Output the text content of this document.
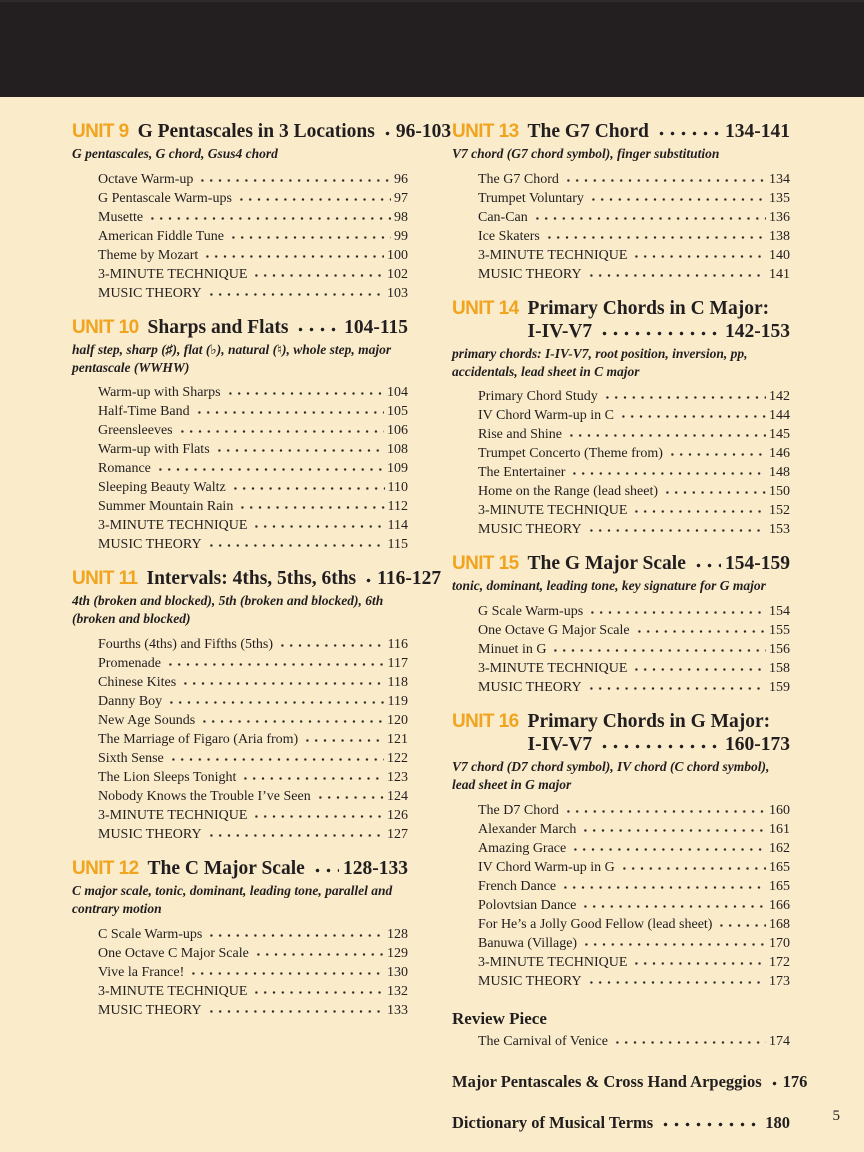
UNIT 9 G Pentascales in 3 Locations 96-103

G pentascales, G chord, Gsus4 chord

Octave Warm-up	96
G Pentascale Warm-ups	97
Musette	98
American Fiddle Tune	99
Theme by Mozart	100
3-MINUTE TECHNIQUE	102
MUSIC THEORY	103
UNIT 10 Sharps and Flats	104-115

half step, sharp (♯), flat (♭), natural (♮), whole step, major pentascale (WWHW)

Warm-up with Sharps	104
Half-Time Band	105
Greensleeves	106
Warm-up with Flats	108
Romance	109
Sleeping Beauty Waltz	110
Summer Mountain Rain	112
3-MINUTE TECHNIQUE	114
MUSIC THEORY	115
UNIT 11 Intervals: 4ths, 5ths, 6ths 116-127

4th (broken and blocked), 5th (broken and blocked), 6th (broken and blocked)

Fourths (4ths) and Fifths (5ths)	116
Promenade	117
Chinese Kites	118
Danny Boy	119
New Age Sounds	120
The Marriage of Figaro (Aria from)	121
Sixth Sense	122
The Lion Sleeps Tonight	123
Nobody Knows the Trouble I’ve Seen	124
3-MINUTE TECHNIQUE	126
MUSIC THEORY	127
UNIT 12 The C Major Scale 128-133

C major scale, tonic, dominant, leading tone, parallel and contrary motion

C Scale Warm-ups	128
One Octave C Major Scale	129
Vive la France!	130
3-MINUTE TECHNIQUE	132
MUSIC THEORY	133
UNIT 13 The G7 Chord	134-141

V7 chord (G7 chord symbol), finger substitution

The G7 Chord	134
Trumpet Voluntary	135
Can-Can	136
Ice Skaters	138
3-MINUTE TECHNIQUE	140
MUSIC THEORY	141
UNIT 14 Primary Chords in C Major:
I-IV-V7	142-153

primary chords: I-IV-V7, root position, inversion, pp, accidentals, lead sheet in C major

Primary Chord Study	142
IV Chord Warm-up in C	144
Rise and Shine	145
Trumpet Concerto (Theme from)	146
The Entertainer	148
Home on the Range (lead sheet)	150
3-MINUTE TECHNIQUE	152
MUSIC THEORY	153
UNIT 15 The G Major Scale 154-159

tonic, dominant, leading tone, key signature for G major

G Scale Warm-ups	154
One Octave G Major Scale	155
Minuet in G	156
3-MINUTE TECHNIQUE	158
MUSIC THEORY	159
UNIT 16 Primary Chords in G Major:
I-IV-V7	160-173

V7 chord (D7 chord symbol), IV chord (C chord symbol), lead sheet in G major

The D7 Chord	160
Alexander March	161
Amazing Grace	162
IV Chord Warm-up in G	165
French Dance	165
Polovtsian Dance	166
For He’s a Jolly Good Fellow (lead sheet)	168
Banuwa (Village)	170
3-MINUTE TECHNIQUE	172
MUSIC THEORY	173
Review Piece
The Carnival of Venice	174
Major Pentascales & Cross Hand Arpeggios 176
Dictionary of Musical Terms	180	5
